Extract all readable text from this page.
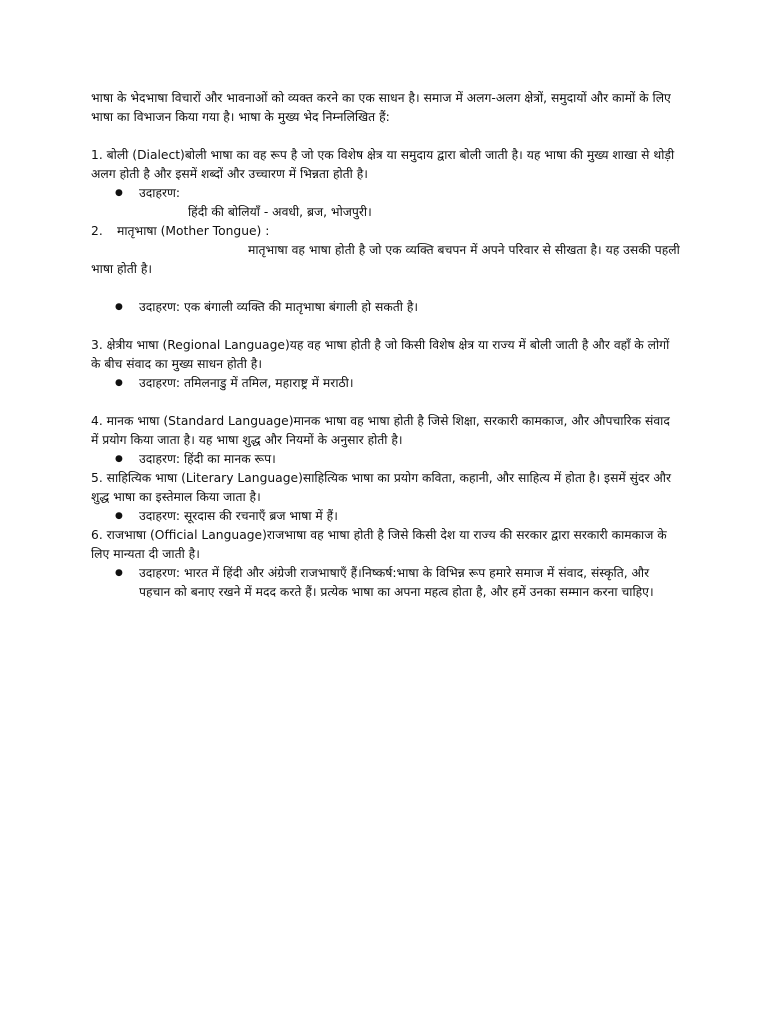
भाषा के भेदभाषा विचारों और भावनाओं को व्यक्त करने का एक साधन है। समाज में अलग-अलग क्षेत्रों, समुदायों और कामों के लिए भाषा का विभाजन किया गया है। भाषा के मुख्य भेद निम्नलिखित हैं:

1. बोली (Dialect)बोली भाषा का वह रूप है जो एक विशेष क्षेत्र या समुदाय द्वारा बोली जाती है। यह भाषा की मुख्य शाखा से थोड़ी अलग होती है और इसमें शब्दों और उच्चारण में भिन्नता होती है।

● उदाहरण:

हिंदी की बोलियाँ - अवधी, ब्रज, भोजपुरी।

2. मातृभाषा (Mother Tongue) :

मातृभाषा वह भाषा होती है जो एक व्यक्ति बचपन में अपने परिवार से सीखता है। यह उसकी पहली भाषा होती है।

● उदाहरण: एक बंगाली व्यक्ति की मातृभाषा बंगाली हो सकती है।

3. क्षेत्रीय भाषा (Regional Language)यह वह भाषा होती है जो किसी विशेष क्षेत्र या राज्य में बोली जाती है और वहाँ के लोगों के बीच संवाद का मुख्य साधन होती है।

● उदाहरण: तमिलनाडु में तमिल, महाराष्ट्र में मराठी।

4. मानक भाषा (Standard Language)मानक भाषा वह भाषा होती है जिसे शिक्षा, सरकारी कामकाज, और औपचारिक संवाद में प्रयोग किया जाता है। यह भाषा शुद्ध और नियमों के अनुसार होती है।

● उदाहरण: हिंदी का मानक रूप।

5. साहित्यिक भाषा (Literary Language)साहित्यिक भाषा का प्रयोग कविता, कहानी, और साहित्य में होता है। इसमें सुंदर और शुद्ध भाषा का इस्तेमाल किया जाता है।

● उदाहरण: सूरदास की रचनाएँ ब्रज भाषा में हैं।

6. राजभाषा (Official Language)राजभाषा वह भाषा होती है जिसे किसी देश या राज्य की सरकार द्वारा सरकारी कामकाज के लिए मान्यता दी जाती है।

● उदाहरण: भारत में हिंदी और अंग्रेजी राजभाषाएँ हैं।निष्कर्ष:भाषा के विभिन्न रूप हमारे समाज में संवाद, संस्कृति, और पहचान को बनाए रखने में मदद करते हैं। प्रत्येक भाषा का अपना महत्व होता है, और हमें उनका सम्मान करना चाहिए।
